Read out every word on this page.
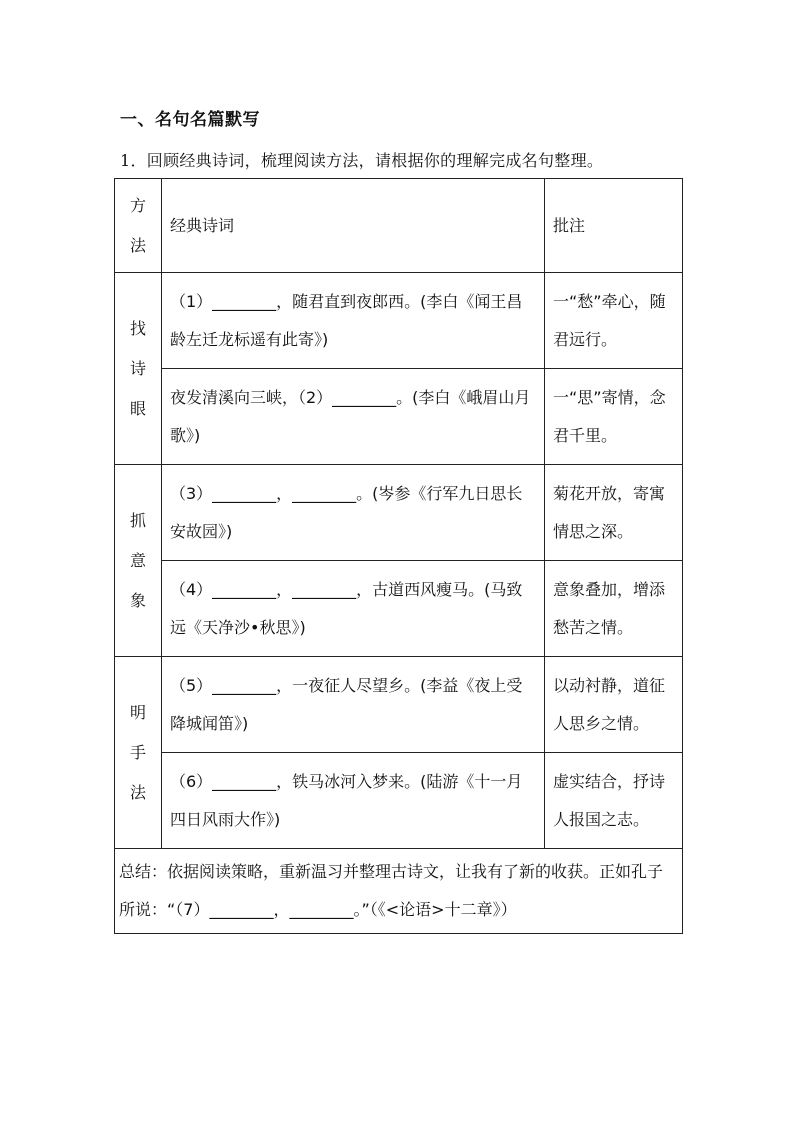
一、名句名篇默写
1．回顾经典诗词，梳理阅读方法，请根据你的理解完成名句整理。
方法	经典诗词	批注

找诗眼	（1）________，随君直到夜郎西。(李白《闻王昌龄左迁龙标遥有此寄》)	一“愁”牵心，随君远行。
	夜发清溪向三峡，（2）________。(李白《峨眉山月歌》)	一“思”寄情，念君千里。

抓意象	（3）________，________。(岑参《行军九日思长安故园》)	菊花开放，寄寓情思之深。
	（4）________，________，古道西风瘦马。(马致远《天净沙•秋思》)	意象叠加，增添愁苦之情。

明手法	（5）________，一夜征人尽望乡。(李益《夜上受降城闻笛》)	以动衬静，道征人思乡之情。
	（6）________，铁马冰河入梦来。(陆游《十一月四日风雨大作》)	虚实结合，抒诗人报国之志。
总结：依据阅读策略，重新温习并整理古诗文，让我有了新的收获。正如孔子所说：“（7）________，________。”（《<论语>十二章》）		
